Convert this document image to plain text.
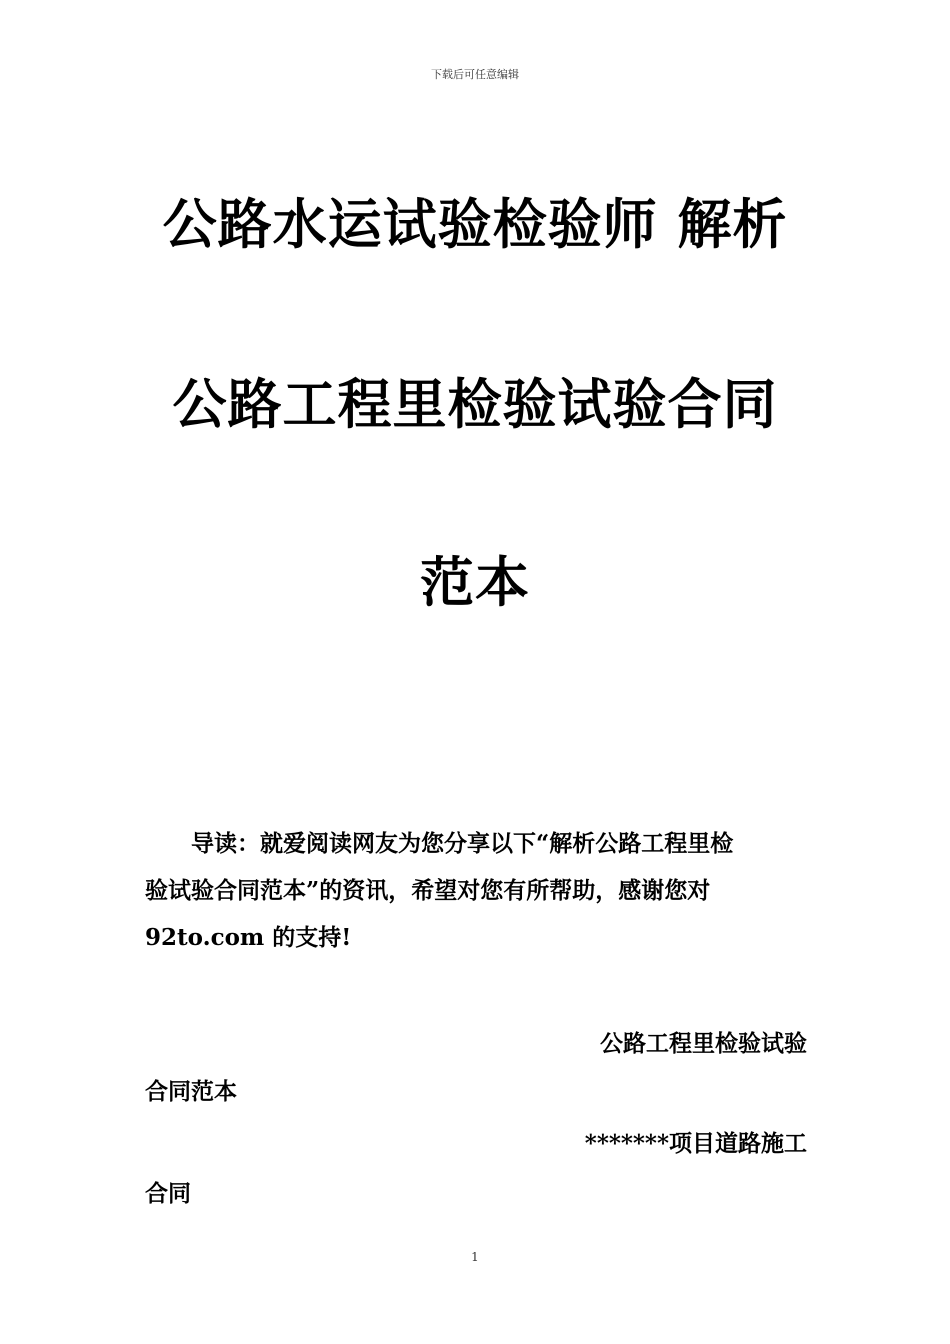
下载后可任意编辑
公路水运试验检验师 解析
公路工程里检验试验合同
范本
导读：就爱阅读网友为您分享以下“解析公路工程里检
验试验合同范本”的资讯，希望对您有所帮助，感谢您对
92to.com 的支持!
公路工程里检验试验
合同范本
*******项目道路施工
合同
1
